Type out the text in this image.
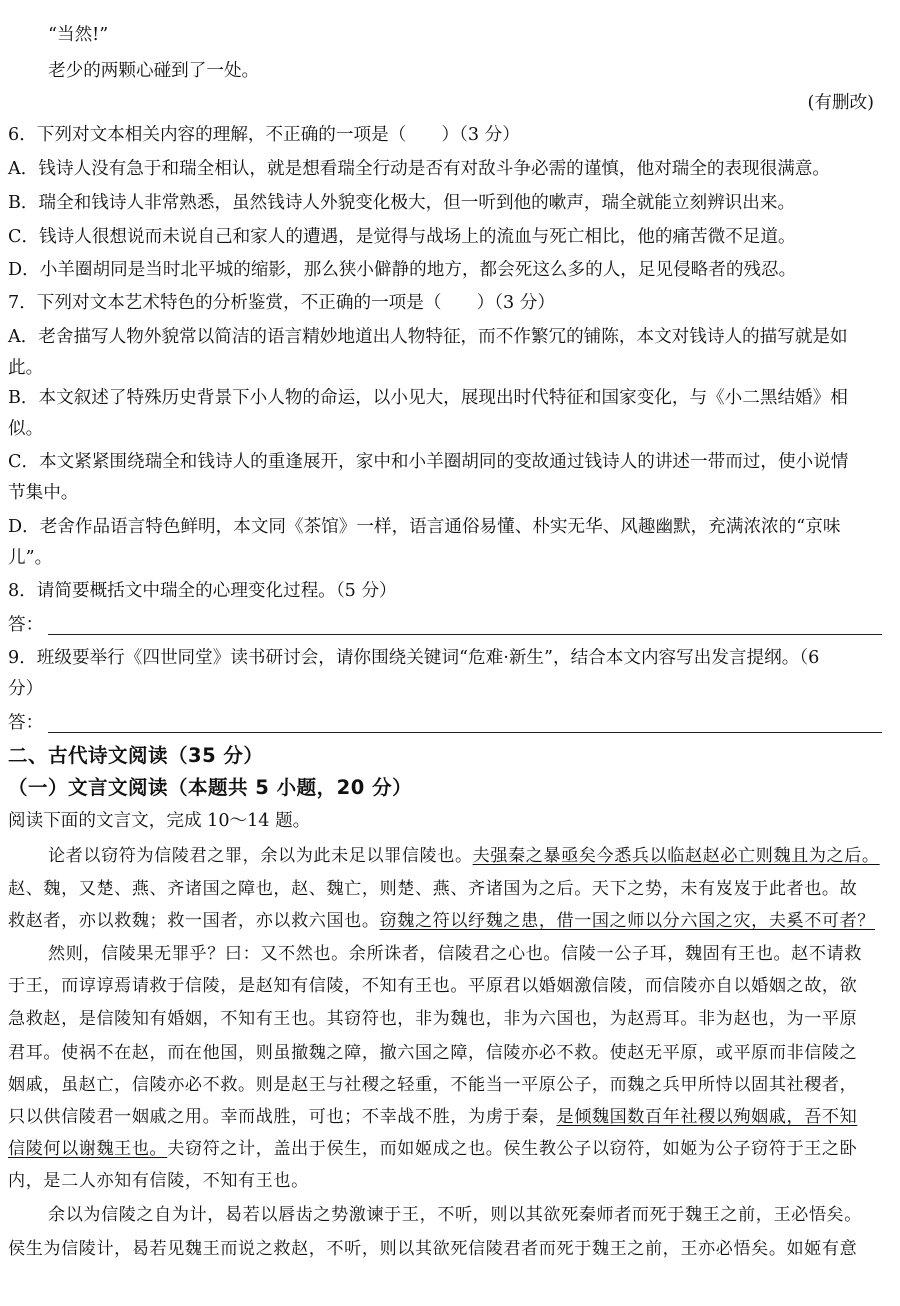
“当然!”
老少的两颗心碰到了一处。
(有删改)
6．下列对文本相关内容的理解，不正确的一项是（　　）（3 分）
A．钱诗人没有急于和瑞全相认，就是想看瑞全行动是否有对敌斗争必需的谨慎，他对瑞全的表现很满意。
B．瑞全和钱诗人非常熟悉，虽然钱诗人外貌变化极大，但一听到他的嗽声，瑞全就能立刻辨识出来。
C．钱诗人很想说而未说自己和家人的遭遇，是觉得与战场上的流血与死亡相比，他的痛苦微不足道。
D．小羊圈胡同是当时北平城的缩影，那么狭小僻静的地方，都会死这么多的人，足见侵略者的残忍。
7．下列对文本艺术特色的分析鉴赏，不正确的一项是（　　）（3 分）
A．老舍描写人物外貌常以简洁的语言精妙地道出人物特征，而不作繁冗的铺陈，本文对钱诗人的描写就是如
此。
B．本文叙述了特殊历史背景下小人物的命运，以小见大，展现出时代特征和国家变化，与《小二黑结婚》相
似。
C．本文紧紧围绕瑞全和钱诗人的重逢展开，家中和小羊圈胡同的变故通过钱诗人的讲述一带而过，使小说情
节集中。
D．老舍作品语言特色鲜明，本文同《茶馆》一样，语言通俗易懂、朴实无华、风趣幽默，充满浓浓的“京味
儿”。
8．请简要概括文中瑞全的心理变化过程。（5 分）
答：
9．班级要举行《四世同堂》读书研讨会，请你围绕关键词“危难·新生”，结合本文内容写出发言提纲。（6
分）
答：
二、古代诗文阅读（35 分）
（一）文言文阅读（本题共 5 小题，20 分）
阅读下面的文言文，完成 10～14 题。
论者以窃符为信陵君之罪，余以为此未足以罪信陵也。夫强秦之暴亟矣今悉兵以临赵赵必亡则魏且为之后。
赵、魏，又楚、燕、齐诸国之障也，赵、魏亡，则楚、燕、齐诸国为之后。天下之势，未有岌岌于此者也。故
救赵者，亦以救魏；救一国者，亦以救六国也。窃魏之符以纾魏之患，借一国之师以分六国之灾，夫奚不可者？
然则，信陵果无罪乎？曰：又不然也。余所诛者，信陵君之心也。信陵一公子耳，魏固有王也。赵不请救
于王，而谆谆焉请救于信陵，是赵知有信陵，不知有王也。平原君以婚姻激信陵，而信陵亦自以婚姻之故，欲
急救赵，是信陵知有婚姻，不知有王也。其窃符也，非为魏也，非为六国也，为赵焉耳。非为赵也，为一平原
君耳。使祸不在赵，而在他国，则虽撤魏之障，撤六国之障，信陵亦必不救。使赵无平原，或平原而非信陵之
姻戚，虽赵亡，信陵亦必不救。则是赵王与社稷之轻重，不能当一平原公子，而魏之兵甲所恃以固其社稷者，
只以供信陵君一姻戚之用。幸而战胜，可也；不幸战不胜，为虏于秦，是倾魏国数百年社稷以殉姻戚，吾不知
信陵何以谢魏王也。夫窃符之计，盖出于侯生，而如姬成之也。侯生教公子以窃符，如姬为公子窃符于王之卧
内，是二人亦知有信陵，不知有王也。
余以为信陵之自为计，曷若以唇齿之势激谏于王，不听，则以其欲死秦师者而死于魏王之前，王必悟矣。
侯生为信陵计，曷若见魏王而说之救赵，不听，则以其欲死信陵君者而死于魏王之前，王亦必悟矣。如姬有意
